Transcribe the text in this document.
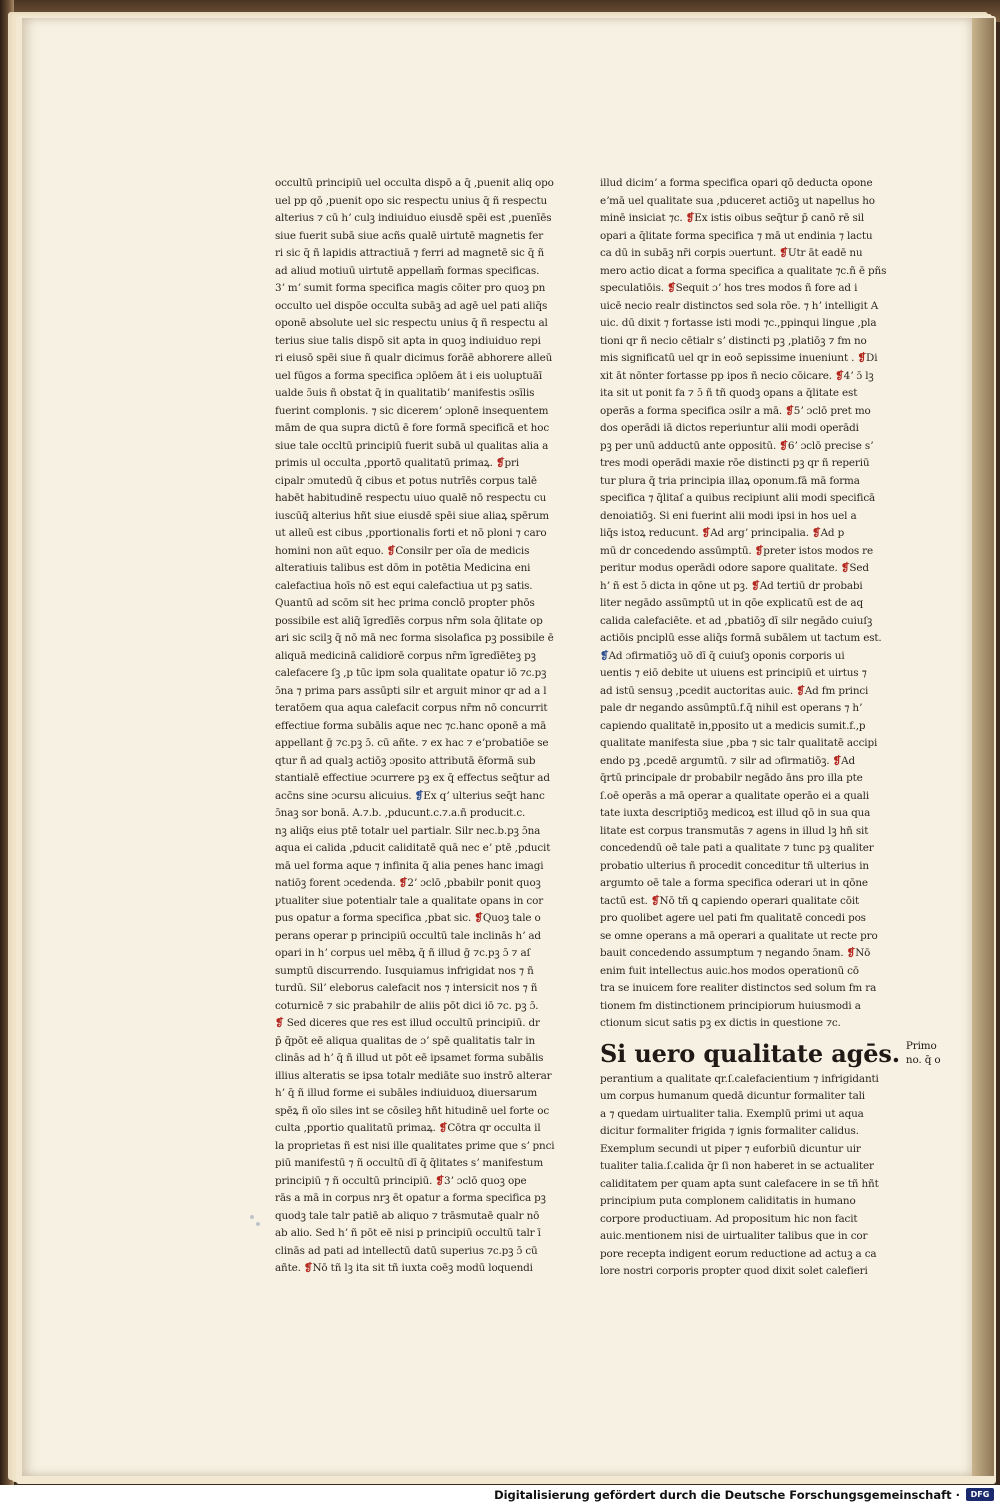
occultū principiū uel occulta dispō a q̄ ,puenit aliq opo

uel pp qō ,puenit opo sic respectu unius q̄ ñ respectu

alterius ⁊ cū hʼ culꝫ indiuiduo eiusdē spēi est ,puenīēs

siue fuerit subā siue acñs qualē uirtutē magnetis fer

ri sic q̄ ñ lapidis attractiuā ⁊ ferri ad magnetē sic q̄ ñ

ad aliud motiuū uirtutē appellam̄ formas specificas.

3ʼ mʼ sumit forma specifica magis cōiter pro quoꝫ pn

occulto uel dispōe occulta subāꝫ ad agē uel pati aliq̄s

oponē absolute uel sic respectu unius q̄ ñ respectu al

terius siue talis dispō sit apta in quoꝫ indiuiduo repi

ri eiusō spēi siue ñ qualr dicimus forāē abhorere alleū

uel fūgos a forma specifica ɔplōem āt i eis uoluptuāī

ualde ɔ̄uis ñ obstat q̄ in qualitatibʼ manifestis ɔsīlis

fuerint complonis. ⁊ sic diceremʼ ɔplonē insequentem

mām de qua supra dictū ē fore formā specificā et hoc

siue tale occltū principiū fuerit subā ul qualitas alia a

primis ul occulta ,pportō qualitatū primaꝝ. ❡pri

cipalr ɔmutedū q̄ cibus et potus nutrīēs corpus talē

habēt habitudinē respectu uiuo qualē nō respectu cu

iuscūq̄ alterius hñt siue eiusdē spēi siue aliaꝝ spērum

ut alleū est cibus ,pportionalis forti et nō ploni ⁊ caro

homini non aūt equo. ❡Consilr per oīa de medicis

alteratiuis talibus est dōm in potētia Medicina eni

calefactiua hoīs nō est equi calefactiua ut pꝫ satis.

Quantū ad scōm sit hec prima conclō propter phōs

possibile est aliq̄ īgredīēs corpus nr̄m sola q̄litate op

ari sic scilꝫ q̄ nō mā nec forma sisolafica pꝫ possibile ē

aliquā medicinā calidiorē corpus nr̄m īgredīēteꝫ pꝫ

calefacere ſꝫ ,p tūc ipm sola qualitate opatur iō ⁊c.pꝫ

ɔ̄na ⁊ prima pars assūpti silr et arguit minor qr ad a l

teratōem qua aqua calefacit corpus nr̄m nō concurrit

effectiue forma subālis aque nec ⁊c.hanc oponē a mā

appellant ḡ ⁊c.pꝫ ɔ̄. cū añte. ⁊ ex hac ⁊ eʼprobatiōe se

qtur ñ ad qualꝫ actiōꝫ ɔposito attributā ēformā sub

stantialē effectiue ɔcurrere pꝫ ex q̄ effectus seq̄tur ad

acc̄ns sine ɔcursu alicuius. ❡Ex qʼ ulterius seq̄t hanc

ɔ̄naꝫ sor bonā. A.⁊.b. ,pducunt.c.⁊.a.ñ producit.c.

nꝫ aliq̄s eius ptē totalr uel partialr. Silr nec.b.pꝫ ɔ̄na

aqua ei calida ,pducit caliditatē quā nec eʼ ptē ,pducit

mā uel forma aque ⁊ infinita q̄ alia penes hanc imagi

natiōꝫ forent ɔcedenda. ❡2ʼ ɔclō ,pbabilr ponit quoꝫ

ꝩtualiter siue potentialr tale a qualitate opans in cor

pus opatur a forma specifica ,pbat sic. ❡Quoꝫ tale o

perans operar p principiū occultū tale inclinās hʼ ad

opari in hʼ corpus uel mēbꝝ q̄ ñ illud ḡ ⁊c.pꝫ ɔ̄ ⁊ aſ

sumptū discurrendo. Iusquiamus infrigidat nos ⁊ ñ

turdū. Silʼ eleborus calefacit nos ⁊ intersicit nos ⁊ ñ

coturnicē ⁊ sic prabahilr de aliis pōt dici iō ⁊c. pꝫ ɔ̄.

❡ Sed diceres que res est illud occultū principiū. dr

p̄ q̄pōt eē aliqua qualitas de ɔʼ spē qualitatis talr in

clinās ad hʼ q̄ ñ illud ut pōt eē ipsamet forma subālis

illius alteratis se ipsa totalr mediāte suo instrō alterar

hʼ q̄ ñ illud forme ei subāles indiuiduoꝝ diuersarum

spēꝝ ñ oīo siles int se cōsileꝫ hñt hitudinē uel forte oc

culta ,pportio qualitatū primaꝝ. ❡Cōtra qr occulta il

la proprietas ñ est nisi ille qualitates prime que sʼ pnci

piū manifestū ⁊ ñ occultū dī q̄ q̄litates sʼ manifestum

principiū ⁊ ñ occultū principiū. ❡3ʼ ɔclō quoꝫ ope

rās a mā in corpus nrꝫ ēt opatur a forma specifica pꝫ

quodꝫ tale talr patiē ab aliquo ⁊ trāsmutaē qualr nō

ab alio. Sed hʼ ñ pōt eē nisi p principiū occultū talr ī

clinās ad pati ad intellectū datū superius ⁊c.pꝫ ɔ̄ cū

añte. ❡Nō tñ lꝫ ita sit tñ iuxta coēꝫ modū loquendi

illud dicimʼ a forma specifica opari qō deducta opone

eʼmā uel qualitate sua ,pduceret actiōꝫ ut napellus ho

minē insiciat ⁊c. ❡Ex istis oibus seq̄tur p̄ canō rē sil

opari a q̄litate forma specifica ⁊ mā ut endinia ⁊ lactu

ca dū in subāꝫ nr̄i corpis ɔuertunt. ❡Utr āt eadē nu

mero actio dicat a forma specifica a qualitate ⁊c.ñ ē pñs

speculatiōis. ❡Sequit ɔʼ hos tres modos ñ fore ad i

uicē necio realr distinctos sed sola rōe. ⁊ hʼ intelligit A

uic. dū dixit ⁊ fortasse isti modi ⁊c.,ppinqui lingue ,pla

tioni qr ñ necio cētialr sʼ distincti pꝫ ,platiōꝫ ⁊ fm no

mis significatū uel qr in eoō sepissime inueniunt . ❡Di

xit āt nōnter fortasse pp ipos ñ necio cōicare. ❡4ʼ ɔ̄ lꝫ

ita sit ut ponit fa ⁊ ɔ̄ ñ tñ quodꝫ opans a q̄litate est

operās a forma specifica ɔsilr a mā. ❡5ʼ ɔclō pret mo

dos operādi iā dictos reperiuntur alii modi operādi

pꝫ per unū adductū ante oppositū. ❡6ʼ ɔclō precise sʼ

tres modi operādi maxie rōe distincti pꝫ qr ñ reperiū

tur plura q̄ tria principia illaꝝ oponum.fā mā forma

specifica ⁊ q̄litaſ a quibus recipiunt alii modi specificā

denoiatiōꝫ. Si eni fuerint alii modi ipsi in hos uel a

liq̄s istoꝝ reducunt. ❡Ad argʼ principalia. ❡Ad p

mū dr concedendo assūmptū. ❡preter istos modos re

peritur modus operādi odore sapore qualitate. ❡Sed

hʼ ñ est ɔ̄ dicta in qōne ut pꝫ. ❡Ad tertiū dr probabi

liter negādo assūmptū ut in qōe explicatū est de aq

calida calefaciēte. et ad ,pbatiōꝫ dī silr negādo cuiuſꝫ

actiōis pnciplū esse aliq̄s formā subālem ut tactum est.

❡Ad ɔfirmatiōꝫ uō dī q̄ cuiuſꝫ oponis corporis ui

uentis ⁊ eiō debite ut uiuens est principiū et uirtus ⁊

ad istū sensuꝫ ,pcedit auctoritas auic. ❡Ad fm princi

pale dr negando assūmptū.f.q̄ nihil est operans ⁊ hʼ

capiendo qualitatē in,pposito ut a medicis sumit.f.,p

qualitate manifesta siue ,pba ⁊ sic talr qualitatē accipi

endo pꝫ ,pcedē argumtū. ⁊ silr ad ɔfirmatiōꝫ. ❡Ad

q̄rtū principale dr probabilr negādo āns pro illa pte

ſ.oē operās a mā operar a qualitate operāo ei a quali

tate iuxta descriptiōꝫ medicoꝝ est illud qō in sua qua

litate est corpus transmutās ⁊ agens in illud lꝫ hñ sit

concedendū oē tale pati a qualitate ⁊ tunc pꝫ qualiter

probatio ulterius ñ procedit conceditur tñ ulterius in

argumto oē tale a forma specifica oderari ut in qōne

tactū est. ❡Nō tñ ꝗ capiendo operari qualitate cōit

pro quolibet agere uel pati fm qualitatē concedi pos

se omne operans a mā operari a qualitate ut recte pro

bauit concedendo assumptum ⁊ negando ɔ̄nam. ❡Nō

enim fuit intellectus auic.hos modos operationū cō

tra se inuicem fore realiter distinctos sed solum fm ra

tionem fm distinctionem principiorum huiusmodi a

ctionum sicut satis pꝫ ex dictis in questione ⁊c.

Si uero qualitate agēs. Primo
no. q̄ o

perantium a qualitate qr.ſ.calefacientium ⁊ infrigidanti

um corpus humanum quedā dicuntur formaliter tali

a ⁊ quedam uirtualiter talia. Exemplū primi ut aqua

dicitur formaliter frigida ⁊ ignis formaliter calidus.

Exemplum secundi ut piper ⁊ euforbiū dicuntur uir

tualiter talia.ſ.calida q̄r ſi non haberet in se actualiter

caliditatem per quam apta sunt calefacere in se tñ hñt

principium puta complonem caliditatis in humano

corpore productiuam. Ad propositum hic non facit

auic.mentionem nisi de uirtualiter talibus que in cor

pore recepta indigent eorum reductione ad actuꝫ a ca

lore nostri corporis propter quod dixit solet calefieri

Digitalisierung gefördert durch die Deutsche Forschungsgemeinschaft ·	DFG
